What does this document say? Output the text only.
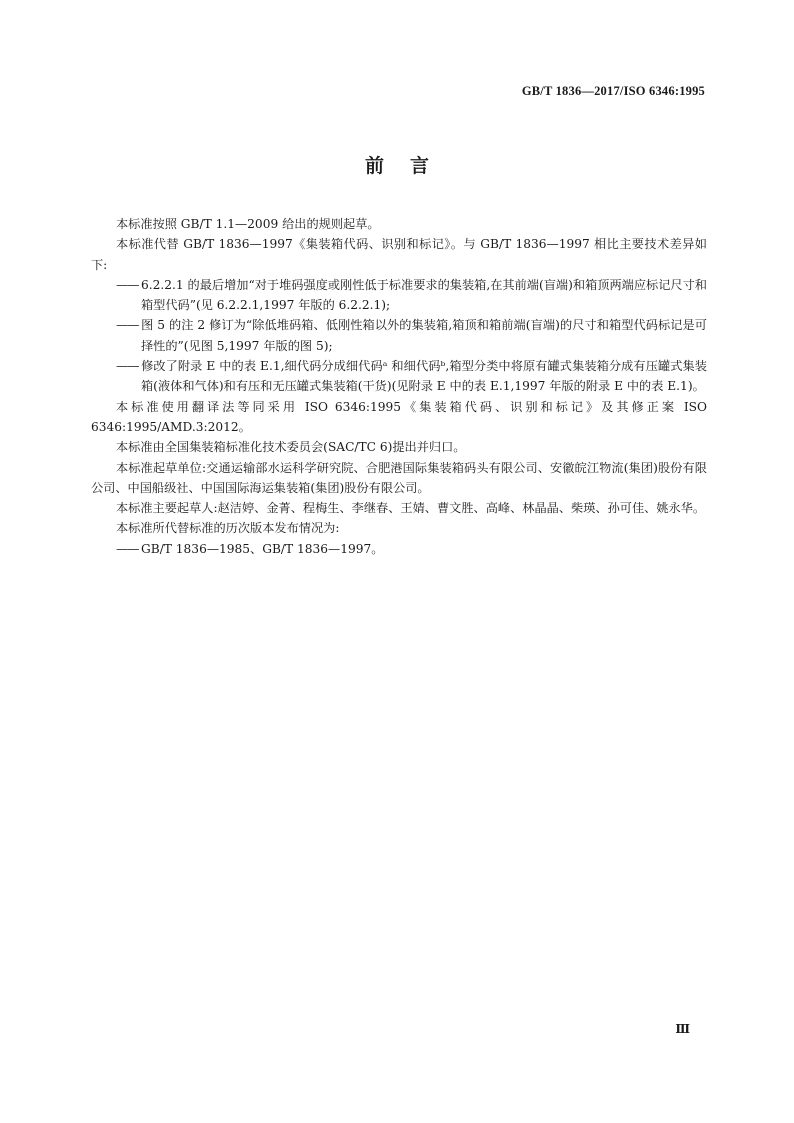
GB/T 1836—2017/ISO 6346:1995
前言

本标准按照 GB/T 1.1—2009 给出的规则起草。

本标准代替 GB/T 1836—1997《集装箱代码、识别和标记》。与 GB/T 1836—1997 相比主要技术差异如下:

—— 6.2.2.1 的最后增加“对于堆码强度或刚性低于标准要求的集装箱,在其前端(盲端)和箱顶两端应标记尺寸和箱型代码”(见 6.2.2.1,1997 年版的 6.2.2.1);

—— 图 5 的注 2 修订为“除低堆码箱、低刚性箱以外的集装箱,箱顶和箱前端(盲端)的尺寸和箱型代码标记是可择性的”(见图 5,1997 年版的图 5);

—— 修改了附录 E 中的表 E.1,细代码分成细代码ᵃ 和细代码ᵇ,箱型分类中将原有罐式集装箱分成有压罐式集装箱(液体和气体)和有压和无压罐式集装箱(干货)(见附录 E 中的表 E.1,1997 年版的附录 E 中的表 E.1)。

本标准使用翻译法等同采用 ISO 6346:1995《集装箱代码、识别和标记》及其修正案 ISO 6346:1995/AMD.3:2012。

本标准由全国集装箱标准化技术委员会(SAC/TC 6)提出并归口。

本标准起草单位:交通运输部水运科学研究院、合肥港国际集装箱码头有限公司、安徽皖江物流(集团)股份有限公司、中国船级社、中国国际海运集装箱(集团)股份有限公司。

本标准主要起草人:赵洁婷、金菁、程梅生、李继春、王婧、曹文胜、高峰、林晶晶、柴瑛、孙可佳、姚永华。

本标准所代替标准的历次版本发布情况为:

—— GB/T 1836—1985、GB/T 1836—1997。

Ⅲ
